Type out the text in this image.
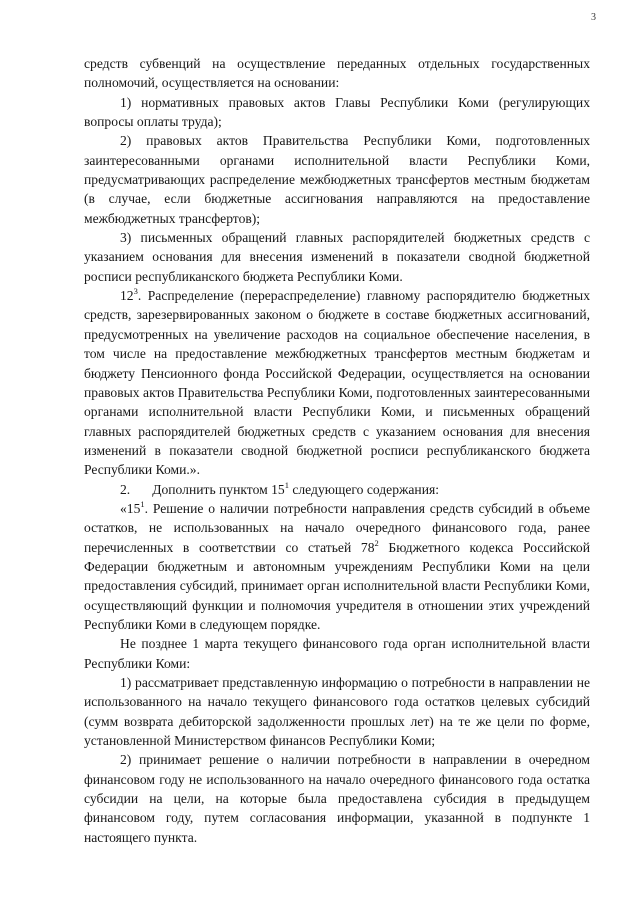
3

средств субвенций на осуществление переданных отдельных государственных полномочий, осуществляется на основании:

1) нормативных правовых актов Главы Республики Коми (регулирующих вопросы оплаты труда);

2) правовых актов Правительства Республики Коми, подготовленных заинтересованными органами исполнительной власти Республики Коми, предусматривающих распределение межбюджетных трансфертов местным бюджетам (в случае, если бюджетные ассигнования направляются на предоставление межбюджетных трансфертов);

3) письменных обращений главных распорядителей бюджетных средств с указанием основания для внесения изменений в показатели сводной бюджетной росписи республиканского бюджета Республики Коми.

$12^3$. Распределение (перераспределение) главному распорядителю бюджетных средств, зарезервированных законом о бюджете в составе бюджетных ассигнований, предусмотренных на увеличение расходов на социальное обеспечение населения, в том числе на предоставление межбюджетных трансфертов местным бюджетам и бюджету Пенсионного фонда Российской Федерации, осуществляется на основании правовых актов Правительства Республики Коми, подготовленных заинтересованными органами исполнительной власти Республики Коми, и письменных обращений главных распорядителей бюджетных средств с указанием основания для внесения изменений в показатели сводной бюджетной росписи республиканского бюджета Республики Коми.».

2. Дополнить пунктом $15^1$ следующего содержания:

«$15^1$. Решение о наличии потребности направления средств субсидий в объеме остатков, не использованных на начало очередного финансового года, ранее перечисленных в соответствии со статьей $78^2$ Бюджетного кодекса Российской Федерации бюджетным и автономным учреждениям Республики Коми на цели предоставления субсидий, принимает орган исполнительной власти Республики Коми, осуществляющий функции и полномочия учредителя в отношении этих учреждений Республики Коми в следующем порядке.

Не позднее 1 марта текущего финансового года орган исполнительной власти Республики Коми:

1) рассматривает представленную информацию о потребности в направлении не использованного на начало текущего финансового года остатков целевых субсидий (сумм возврата дебиторской задолженности прошлых лет) на те же цели по форме, установленной Министерством финансов Республики Коми;

2) принимает решение о наличии потребности в направлении в очередном финансовом году не использованного на начало очередного финансового года остатка субсидии на цели, на которые была предоставлена субсидия в предыдущем финансовом году, путем согласования информации, указанной в подпункте 1 настоящего пункта.
